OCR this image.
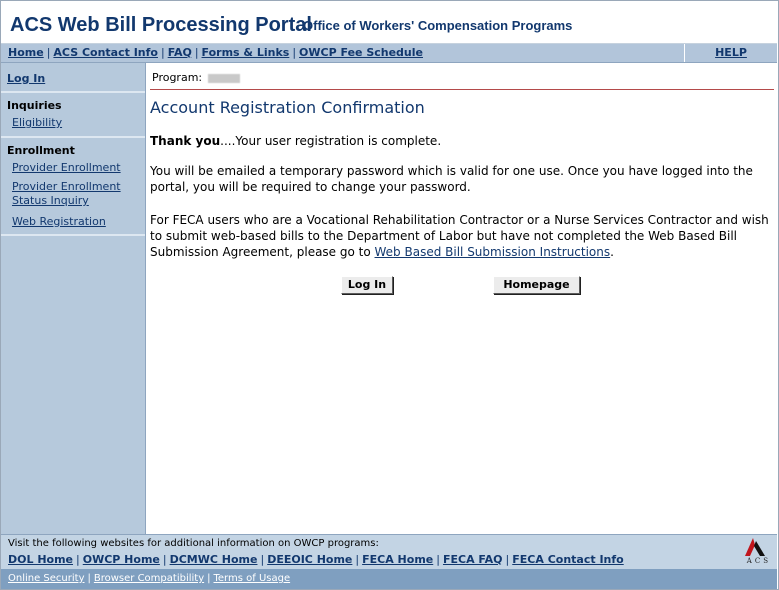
ACS Web Bill Processing Portal
Office of Workers' Compensation Programs
Home | ACS Contact Info | FAQ | Forms & Links | OWCP Fee Schedule	HELP
Log In
Inquiries
Eligibility
Enrollment
Provider Enrollment
Provider Enrollment Status Inquiry
Web Registration
Program:
Account Registration Confirmation
Thank you....Your user registration is complete.
You will be emailed a temporary password which is valid for one use. Once you have logged into the portal, you will be required to change your password.
For FECA users who are a Vocational Rehabilitation Contractor or a Nurse Services Contractor and wish to submit web-based bills to the Department of Labor but have not completed the Web Based Bill Submission Agreement, please go to Web Based Bill Submission Instructions.
Log In	Homepage
Visit the following websites for additional information on OWCP programs:
DOL Home | OWCP Home | DCMWC Home | DEEOIC Home | FECA Home | FECA FAQ | FECA Contact Info	ACS
Online Security | Browser Compatibility | Terms of Usage
